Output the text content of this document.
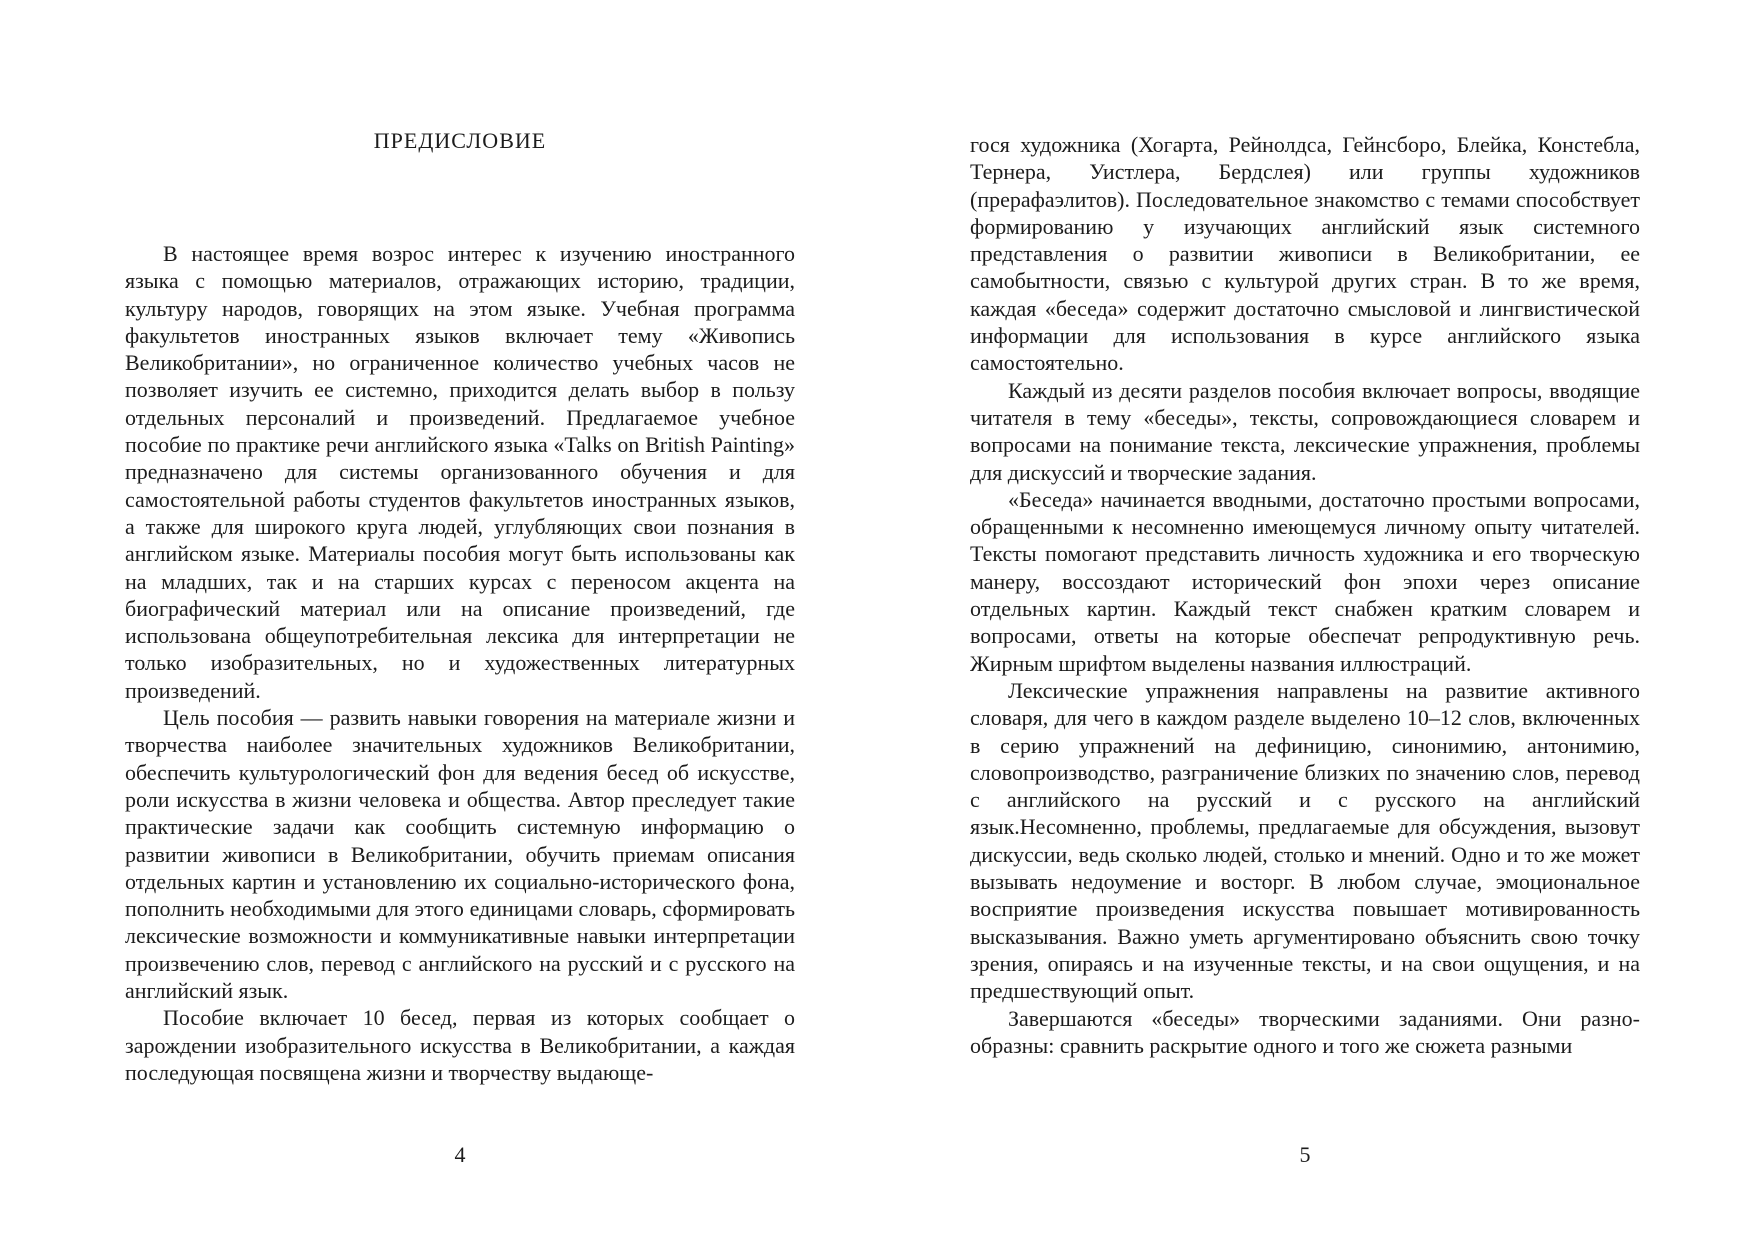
ПРЕДИСЛОВИЕ

В настоящее время возрос интерес к изучению иностранного языка с помощью материалов, отражающих историю, традиции, культуру народов, говорящих на этом языке. Учебная программа факультетов иностранных языков включает тему «Живопись Великобритании», но ограниченное количество учебных часов не позволяет изучить ее системно, приходится делать выбор в пользу отдельных персоналий и произведений. Предлагаемое учебное пособие по практике речи английского языка «Talks on British Painting» предназначено для системы организованного обучения и для самостоятельной работы студентов факультетов иностранных языков, а также для широкого круга людей, углубляющих свои познания в английском языке. Материалы пособия могут быть использованы как на младших, так и на старших курсах с переносом акцента на биографический материал или на описание произведений, где использована общеупотребительная лексика для интерпретации не только изобразительных, но и художественных литературных произведений.

Цель пособия — развить навыки говорения на материале жизни и творчества наиболее значительных художников Великобритании, обеспечить культурологический фон для ведения бесед об искусстве, роли искусства в жизни человека и общества. Автор преследует такие практические задачи как сообщить системную информацию о развитии живописи в Великобритании, обучить приемам описания отдельных картин и установлению их социально-исторического фона, пополнить необходимыми для этого единицами словарь, сформировать лексические возможности и коммуникативные навыки интерпретации произвечению слов, перевод с английского на русский и с русского на английский язык.

Пособие включает 10 бесед, первая из которых сообщает о зарождении изобразительного искусства в Великобритании, а каждая последующая посвящена жизни и творчеству выдающе-

4

гося художника (Хогарта, Рейнолдса, Гейнсборо, Блейка, Констебла, Тернера, Уистлера, Бердслея) или группы художников (прерафаэлитов). Последовательное знакомство с темами способствует формированию у изучающих английский язык системного представления о развитии живописи в Великобритании, ее самобытности, связью с культурой других стран. В то же время, каждая «беседа» содержит достаточно смысловой и лингвистической информации для использования в курсе английского языка самостоятельно.

Каждый из десяти разделов пособия включает вопросы, вводящие читателя в тему «беседы», тексты, сопровождающиеся словарем и вопросами на понимание текста, лексические упражнения, проблемы для дискуссий и творческие задания.

«Беседа» начинается вводными, достаточно простыми вопросами, обращенными к несомненно имеющемуся личному опыту читателей. Тексты помогают представить личность художника и его творческую манеру, воссоздают исторический фон эпохи через описание отдельных картин. Каждый текст снабжен кратким словарем и вопросами, ответы на которые обеспечат репродуктивную речь. Жирным шрифтом выделены названия иллюстраций.

Лексические упражнения направлены на развитие активного словаря, для чего в каждом разделе выделено 10–12 слов, включенных в серию упражнений на дефиницию, синонимию, антонимию, словопроизводство, разграничение близких по значению слов, перевод с английского на русский и с русского на английский язык.Несомненно, проблемы, предлагаемые для обсуждения, вызовут дискуссии, ведь сколько людей, столько и мнений. Одно и то же может вызывать недоумение и восторг. В любом случае, эмоциональное восприятие произведения искусства повышает мотивированность высказывания. Важно уметь аргументировано объяснить свою точку зрения, опираясь и на изученные тексты, и на свои ощущения, и на предшествующий опыт.

Завершаются «беседы» творческими заданиями. Они разнообразны: сравнить раскрытие одного и того же сюжета разными

5
